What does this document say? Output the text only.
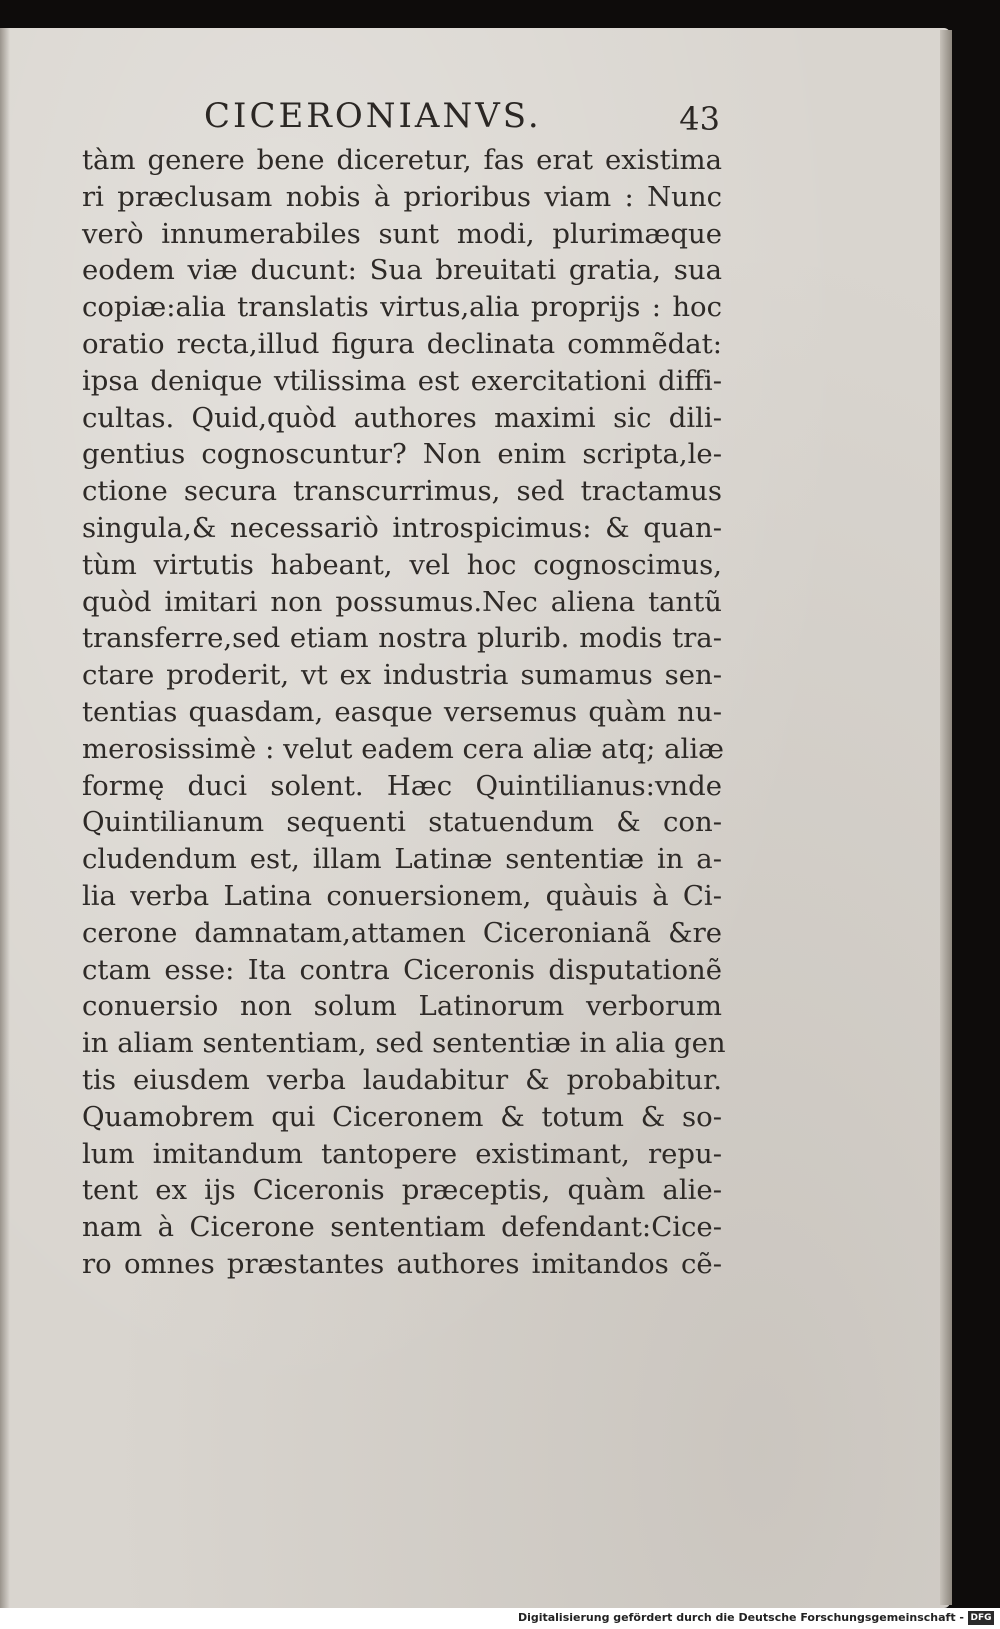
CICERONIANVS.	43
tàm genere bene diceretur, fas erat existima
ri præclusam nobis à prioribus viam : Nunc
verò innumerabiles sunt modi, plurimæque
eodem viæ ducunt: Sua breuitati gratia, sua
copiæ:alia translatis virtus,alia proprijs : hoc
oratio recta,illud figura declinata commẽdat:
ipsa denique vtilissima est exercitationi diffi-
cultas. Quid,quòd authores maximi sic dili-
gentius cognoscuntur? Non enim scripta,le-
ctione secura transcurrimus, sed tractamus
singula,& necessariò introspicimus: & quan-
tùm virtutis habeant, vel hoc cognoscimus,
quòd imitari non possumus.Nec aliena tantũ
transferre,sed etiam nostra plurib. modis tra-
ctare proderit, vt ex industria sumamus sen-
tentias quasdam, easque versemus quàm nu-
merosissimè : velut eadem cera aliæ atq; aliæ
formę duci solent. Hæc Quintilianus:vnde
Quintilianum sequenti statuendum & con-
cludendum est, illam Latinæ sententiæ in a-
lia verba Latina conuersionem, quàuis à Ci-
cerone damnatam,attamen Ciceronianã &re
ctam esse: Ita contra Ciceronis disputationẽ
conuersio non solum Latinorum verborum
in aliam sententiam, sed sententiæ in alia gen
tis eiusdem verba laudabitur & probabitur.
Quamobrem qui Ciceronem & totum & so-
lum imitandum tantopere existimant, repu-
tent ex ijs Ciceronis præceptis, quàm alie-
nam à Cicerone sententiam defendant:Cice-
ro omnes præstantes authores imitandos cẽ-
Digitalisierung gefördert durch die Deutsche Forschungsgemeinschaft - DFG
